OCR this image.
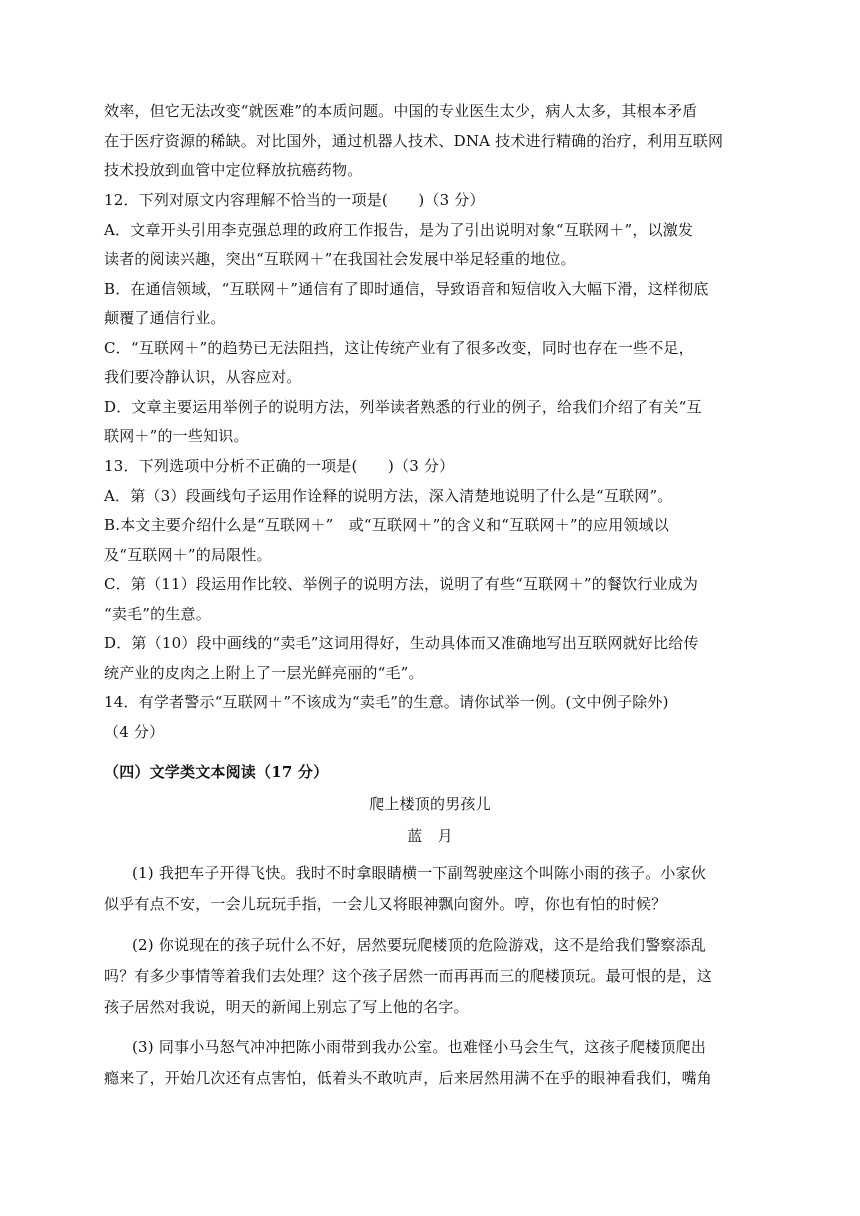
效率，但它无法改变“就医难”的本质问题。中国的专业医生太少，病人太多，其根本矛盾
在于医疗资源的稀缺。对比国外，通过机器人技术、DNA 技术进行精确的治疗，利用互联网
技术投放到血管中定位释放抗癌药物。
12．下列对原文内容理解不恰当的一项是(　　)（3 分）
A．文章开头引用李克强总理的政府工作报告，是为了引出说明对象“互联网＋”，以激发
读者的阅读兴趣，突出“互联网＋”在我国社会发展中举足轻重的地位。
B．在通信领域，“互联网＋”通信有了即时通信，导致语音和短信收入大幅下滑，这样彻底
颠覆了通信行业。
C．“互联网＋”的趋势已无法阻挡，这让传统产业有了很多改变，同时也存在一些不足，
我们要冷静认识，从容应对。
D．文章主要运用举例子的说明方法，列举读者熟悉的行业的例子，给我们介绍了有关“互
联网＋”的一些知识。
13．下列选项中分析不正确的一项是(　　)（3 分）
A．第（3）段画线句子运用作诠释的说明方法，深入清楚地说明了什么是“互联网”。
B.本文主要介绍什么是“互联网＋”　或“互联网＋”的含义和“互联网＋”的应用领域以
及“互联网＋”的局限性。
C．第（11）段运用作比较、举例子的说明方法，说明了有些“互联网＋”的餐饮行业成为
“卖毛”的生意。
D．第（10）段中画线的“卖毛”这词用得好，生动具体而又准确地写出互联网就好比给传
统产业的皮肉之上附上了一层光鲜亮丽的“毛”。
14．有学者警示“互联网＋”不该成为“卖毛”的生意。请你试举一例。(文中例子除外)
（4 分）
（四）文学类文本阅读（17 分）
爬上楼顶的男孩儿
蓝　月
(1) 我把车子开得飞快。我时不时拿眼睛横一下副驾驶座这个叫陈小雨的孩子。小家伙
似乎有点不安，一会儿玩玩手指，一会儿又将眼神飘向窗外。哼，你也有怕的时候？
(2) 你说现在的孩子玩什么不好，居然要玩爬楼顶的危险游戏，这不是给我们警察添乱
吗？有多少事情等着我们去处理？这个孩子居然一而再再而三的爬楼顶玩。最可恨的是，这
孩子居然对我说，明天的新闻上别忘了写上他的名字。
(3) 同事小马怒气冲冲把陈小雨带到我办公室。也难怪小马会生气，这孩子爬楼顶爬出
瘾来了，开始几次还有点害怕，低着头不敢吭声，后来居然用满不在乎的眼神看我们，嘴角
